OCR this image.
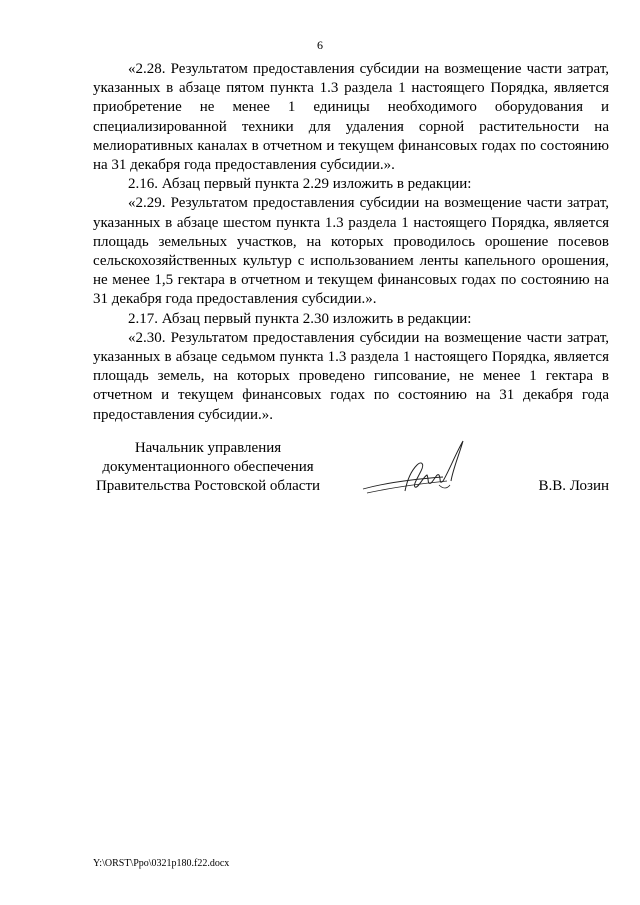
6

«2.28. Результатом предоставления субсидии на возмещение части затрат, указанных в абзаце пятом пункта 1.3 раздела 1 настоящего Порядка, является приобретение не менее 1 единицы необходимого оборудования и специализированной техники для удаления сорной растительности на мелиоративных каналах в отчетном и текущем финансовых годах по состоянию на 31 декабря года предоставления субсидии.».

2.16. Абзац первый пункта 2.29 изложить в редакции:

«2.29. Результатом предоставления субсидии на возмещение части затрат, указанных в абзаце шестом пункта 1.3 раздела 1 настоящего Порядка, является площадь земельных участков, на которых проводилось орошение посевов сельскохозяйственных культур с использованием ленты капельного орошения, не менее 1,5 гектара в отчетном и текущем финансовых годах по состоянию на 31 декабря года предоставления субсидии.».

2.17. Абзац первый пункта 2.30 изложить в редакции:

«2.30. Результатом предоставления субсидии на возмещение части затрат, указанных в абзаце седьмом пункта 1.3 раздела 1 настоящего Порядка, является площадь земель, на которых проведено гипсование, не менее 1 гектара в отчетном и текущем финансовых годах по состоянию на 31 декабря года предоставления субсидии.».

Начальник управления
документационного обеспечения
Правительства Ростовской области	В.В. Лозин
Y:\ORST\Ppo\0321p180.f22.docx
